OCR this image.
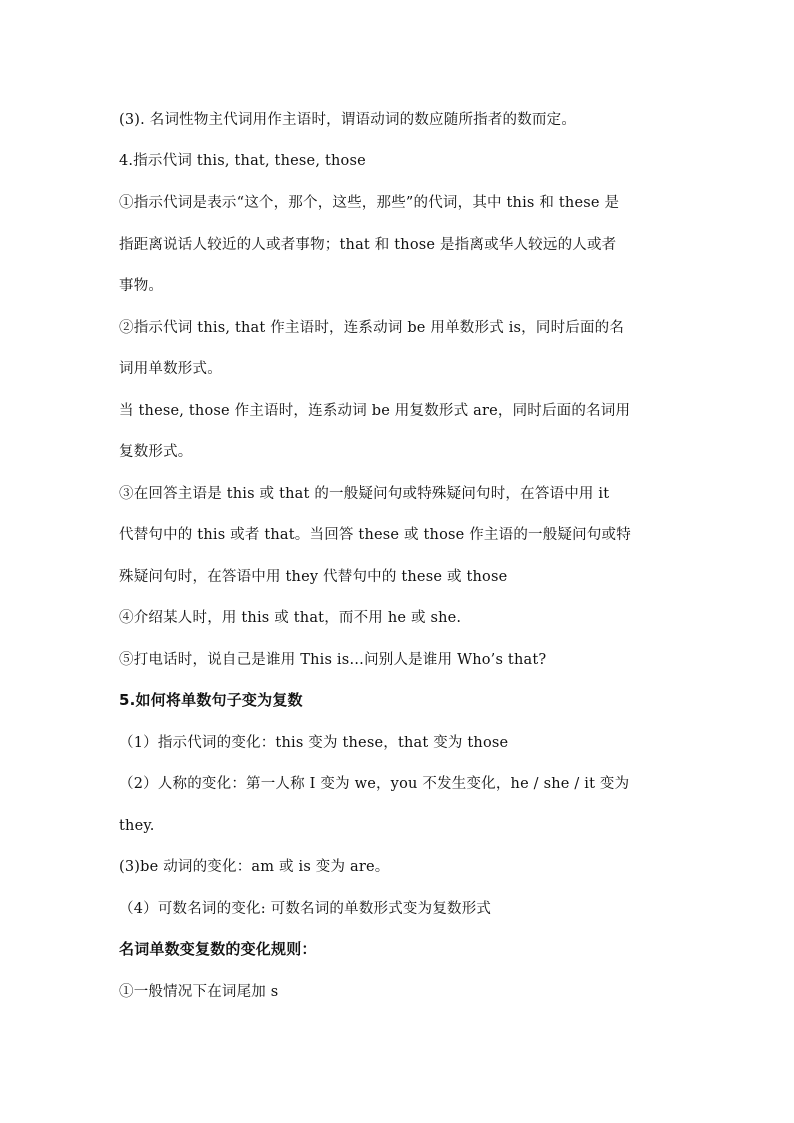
(3). 名词性物主代词用作主语时，谓语动词的数应随所指者的数而定。
4.指示代词 this, that, these, those
①指示代词是表示“这个，那个，这些，那些”的代词，其中 this 和 these 是
指距离说话人较近的人或者事物；that 和 those 是指离或华人较远的人或者
事物。
②指示代词 this, that 作主语时，连系动词 be 用单数形式 is，同时后面的名
词用单数形式。
当 these, those 作主语时，连系动词 be 用复数形式 are，同时后面的名词用
复数形式。
③在回答主语是 this 或 that 的一般疑问句或特殊疑问句时，在答语中用 it
代替句中的 this 或者 that。当回答 these 或 those 作主语的一般疑问句或特
殊疑问句时，在答语中用 they 代替句中的 these 或 those
④介绍某人时，用 this 或 that，而不用 he 或 she.
⑤打电话时，说自己是谁用 This is…问别人是谁用 Who’s that?
5.如何将单数句子变为复数
（1）指示代词的变化：this 变为 these，that 变为 those
（2）人称的变化：第一人称 I 变为 we，you 不发生变化，he / she / it 变为
they.
(3)be 动词的变化：am 或 is 变为 are。
（4）可数名词的变化: 可数名词的单数形式变为复数形式
名词单数变复数的变化规则：
①一般情况下在词尾加 s
